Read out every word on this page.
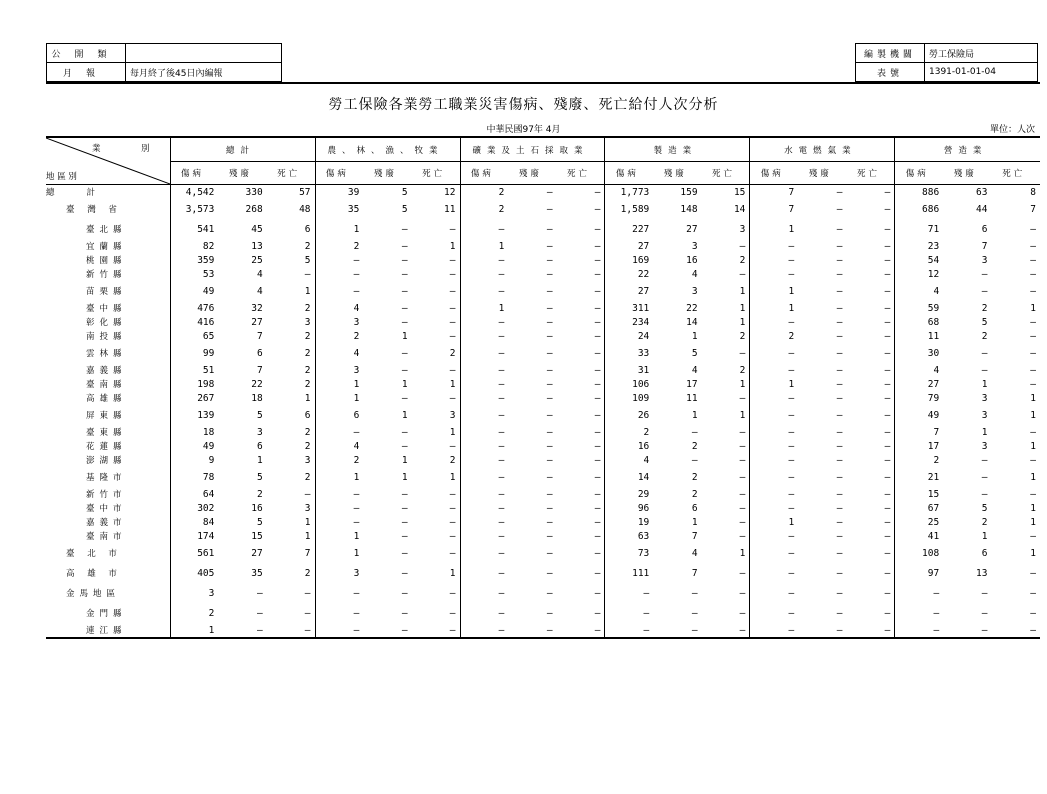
公開類	
月報	每月終了後45日內編報
編製機關	勞工保險局
表號	1391-01-01-04
勞工保險各業勞工職業災害傷病、殘廢、死亡給付人次分析
中華民國97年 4月	單位：人次
業　別
地 區 別	總計			農、林、漁、牧業			礦業及土石採取業			製造業			水電燃氣業			營造業		
	傷病	殘廢	死亡	傷病	殘廢	死亡	傷病	殘廢	死亡	傷病	殘廢	死亡	傷病	殘廢	死亡	傷病	殘廢	死亡
總　　計	4,542	330	57	39	5	12	2	—	—	1,773	159	15	7	—	—	886	63	8
臺 灣 省	3,573	268	48	35	5	11	2	—	—	1,589	148	14	7	—	—	686	44	7
臺北縣	541	45	6	1	—	—	—	—	—	227	27	3	1	—	—	71	6	—
宜蘭縣	82	13	2	2	—	1	1	—	—	27	3	—	—	—	—	23	7	—
桃園縣	359	25	5	—	—	—	—	—	—	169	16	2	—	—	—	54	3	—
新竹縣	53	4	—	—	—	—	—	—	—	22	4	—	—	—	—	12	—	—
苗栗縣	49	4	1	—	—	—	—	—	—	27	3	1	1	—	—	4	—	—
臺中縣	476	32	2	4	—	—	1	—	—	311	22	1	1	—	—	59	2	1
彰化縣	416	27	3	3	—	—	—	—	—	234	14	1	—	—	—	68	5	—
南投縣	65	7	2	2	1	—	—	—	—	24	1	2	2	—	—	11	2	—
雲林縣	99	6	2	4	—	2	—	—	—	33	5	—	—	—	—	30	—	—
嘉義縣	51	7	2	3	—	—	—	—	—	31	4	2	—	—	—	4	—	—
臺南縣	198	22	2	1	1	1	—	—	—	106	17	1	1	—	—	27	1	—
高雄縣	267	18	1	1	—	—	—	—	—	109	11	—	—	—	—	79	3	1
屏東縣	139	5	6	6	1	3	—	—	—	26	1	1	—	—	—	49	3	1
臺東縣	18	3	2	—	—	1	—	—	—	2	—	—	—	—	—	7	1	—
花蓮縣	49	6	2	4	—	—	—	—	—	16	2	—	—	—	—	17	3	1
澎湖縣	9	1	3	2	1	2	—	—	—	4	—	—	—	—	—	2	—	—
基隆市	78	5	2	1	1	1	—	—	—	14	2	—	—	—	—	21	—	1
新竹市	64	2	—	—	—	—	—	—	—	29	2	—	—	—	—	15	—	—
臺中市	302	16	3	—	—	—	—	—	—	96	6	—	—	—	—	67	5	1
嘉義市	84	5	1	—	—	—	—	—	—	19	1	—	1	—	—	25	2	1
臺南市	174	15	1	1	—	—	—	—	—	63	7	—	—	—	—	41	1	—
臺 北 市	561	27	7	1	—	—	—	—	—	73	4	1	—	—	—	108	6	1
高 雄 市	405	35	2	3	—	1	—	—	—	111	7	—	—	—	—	97	13	—
金馬地區	3	—	—	—	—	—	—	—	—	—	—	—	—	—	—	—	—	—
金門縣	2	—	—	—	—	—	—	—	—	—	—	—	—	—	—	—	—	—
連江縣	1	—	—	—	—	—	—	—	—	—	—	—	—	—	—	—	—	—
